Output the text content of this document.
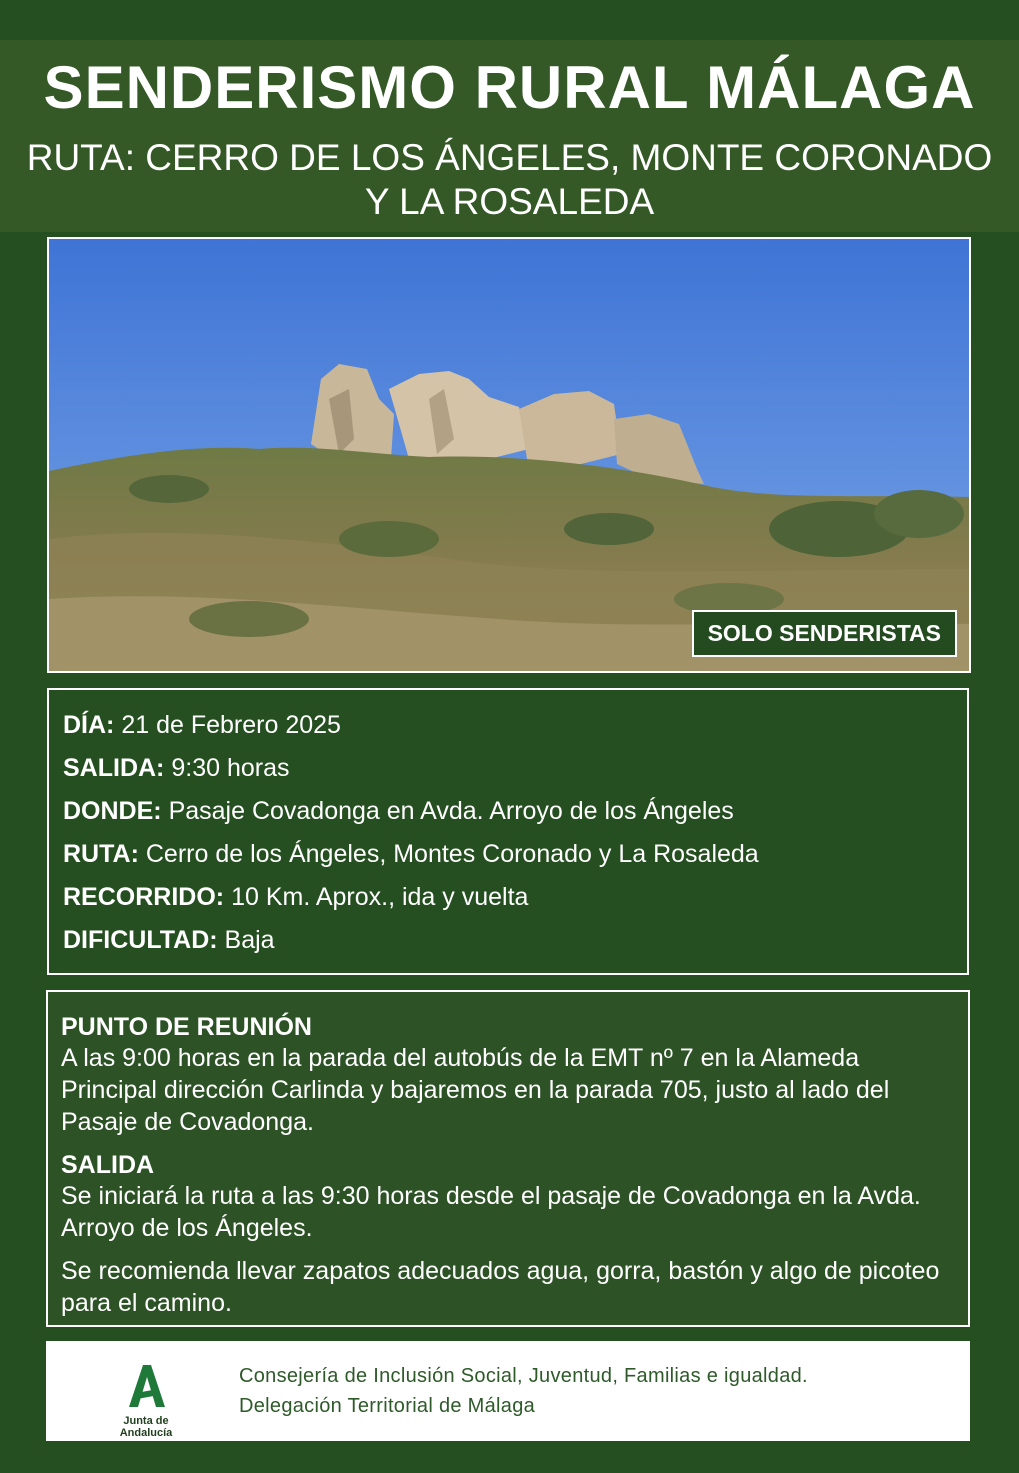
SENDERISMO RURAL MÁLAGA
RUTA: CERRO DE LOS ÁNGELES, MONTE CORONADO
Y LA ROSALEDA
SOLO SENDERISTAS
DÍA: 21 de Febrero 2025
SALIDA: 9:30 horas
DONDE: Pasaje Covadonga en Avda. Arroyo de los Ángeles
RUTA: Cerro de los Ángeles, Montes Coronado y La Rosaleda
RECORRIDO: 10 Km. Aprox., ida y vuelta
DIFICULTAD: Baja
PUNTO DE REUNIÓN
A las 9:00 horas en la parada del autobús de la EMT nº 7 en la Alameda Principal dirección Carlinda y bajaremos en la parada 705, justo al lado del Pasaje de Covadonga.
SALIDA
Se iniciará la ruta a las 9:30 horas desde el pasaje de Covadonga en la Avda. Arroyo de los Ángeles.
Se recomienda llevar zapatos adecuados agua, gorra, bastón y algo de picoteo para el camino.
Junta de Andalucía
Consejería de Inclusión Social, Juventud, Familias e igualdad.
Delegación Territorial de Málaga
